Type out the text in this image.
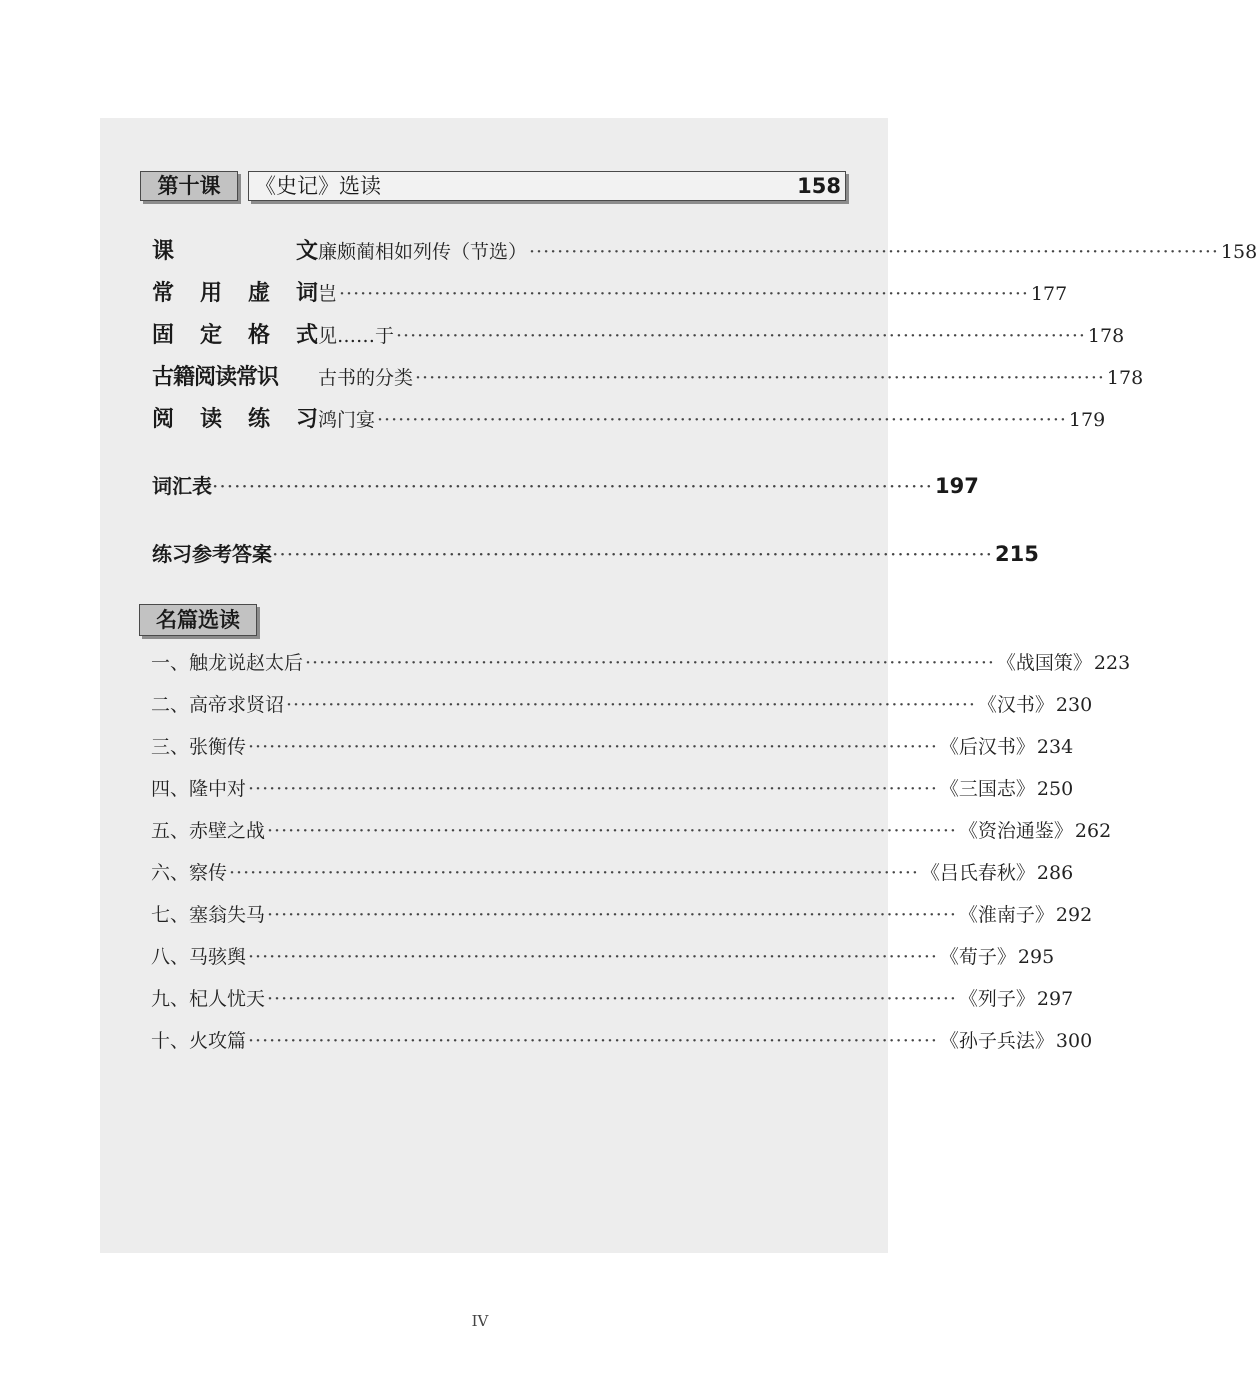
第十课	《史记》选读	158
课　　　　文 廉颇蔺相如列传（节选） ·································································································· 158
常用虚词 岂 ·································································································· 177
固定格式 见……于 ·································································································· 178
古籍阅读常识	古书的分类 ·································································································· 178
阅读练习 鸿门宴 ·································································································· 179
词汇表 ·································································································· 197
练习参考答案 ·································································································· 215
名篇选读
一、触龙说赵太后 ·································································································· 《战国策》 223
二、高帝求贤诏 ·································································································· 《汉书》 230
三、张衡传 ·································································································· 《后汉书》 234
四、隆中对 ·································································································· 《三国志》 250
五、赤壁之战 ·································································································· 《资治通鉴》 262
六、察传 ·································································································· 《吕氏春秋》 286
七、塞翁失马 ·································································································· 《淮南子》 292
八、马骇舆 ·································································································· 《荀子》 295
九、杞人忧天 ·································································································· 《列子》 297
十、火攻篇 ·································································································· 《孙子兵法》 300
IV
